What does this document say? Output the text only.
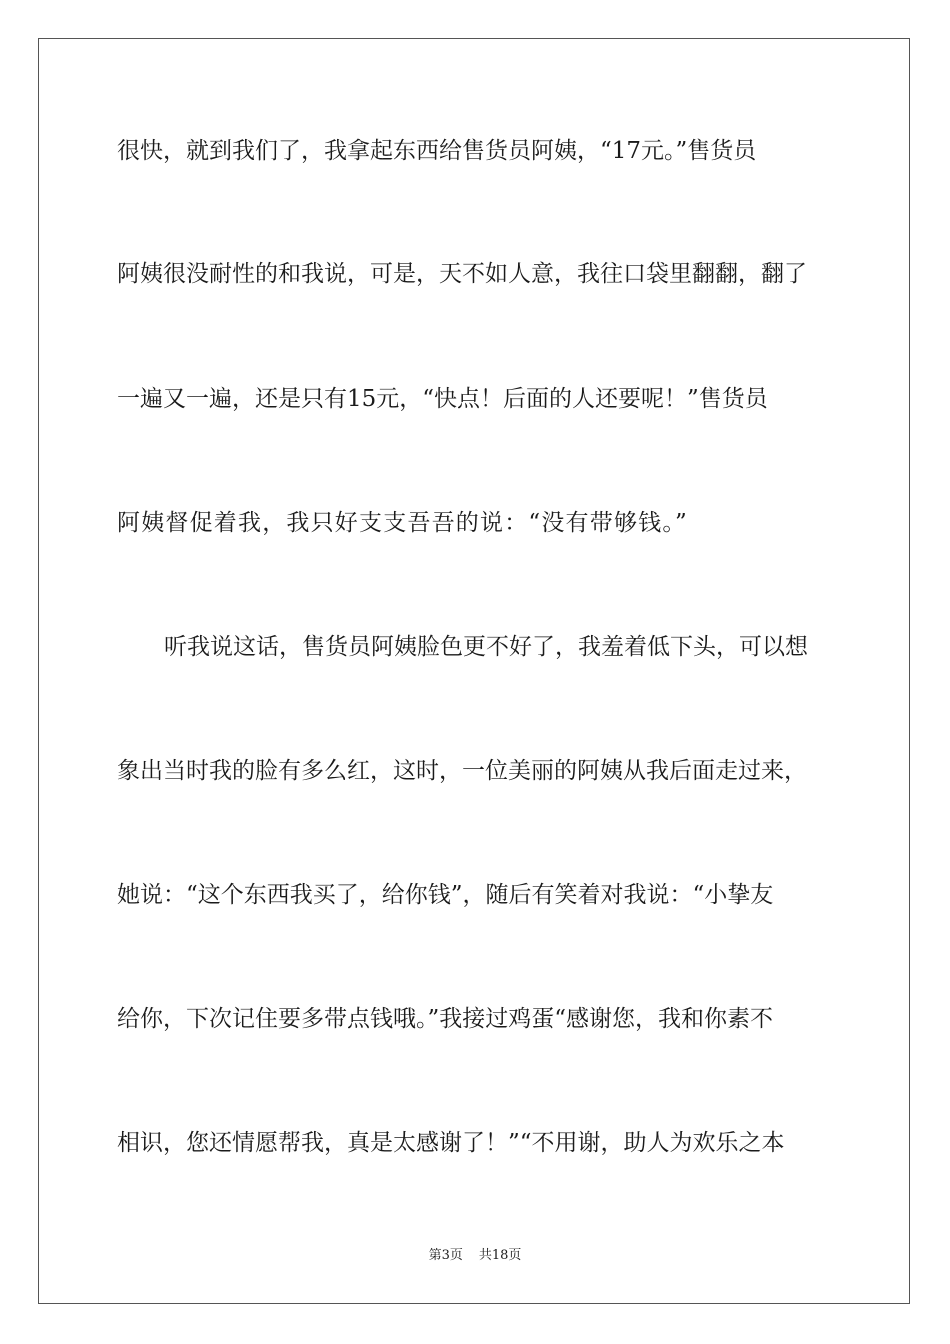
很快，就到我们了，我拿起东西给售货员阿姨，“17元。”售货员
阿姨很没耐性的和我说，可是，天不如人意，我往口袋里翻翻，翻了
一遍又一遍，还是只有15元，“快点！后面的人还要呢！”售货员
阿姨督促着我，我只好支支吾吾的说：“没有带够钱。”
听我说这话，售货员阿姨脸色更不好了，我羞着低下头，可以想
象出当时我的脸有多么红，这时，一位美丽的阿姨从我后面走过来，
她说：“这个东西我买了，给你钱”，随后有笑着对我说：“小挚友
给你，下次记住要多带点钱哦。”我接过鸡蛋“感谢您，我和你素不
相识，您还情愿帮我，真是太感谢了！”“不用谢，助人为欢乐之本
第3页 共18页
